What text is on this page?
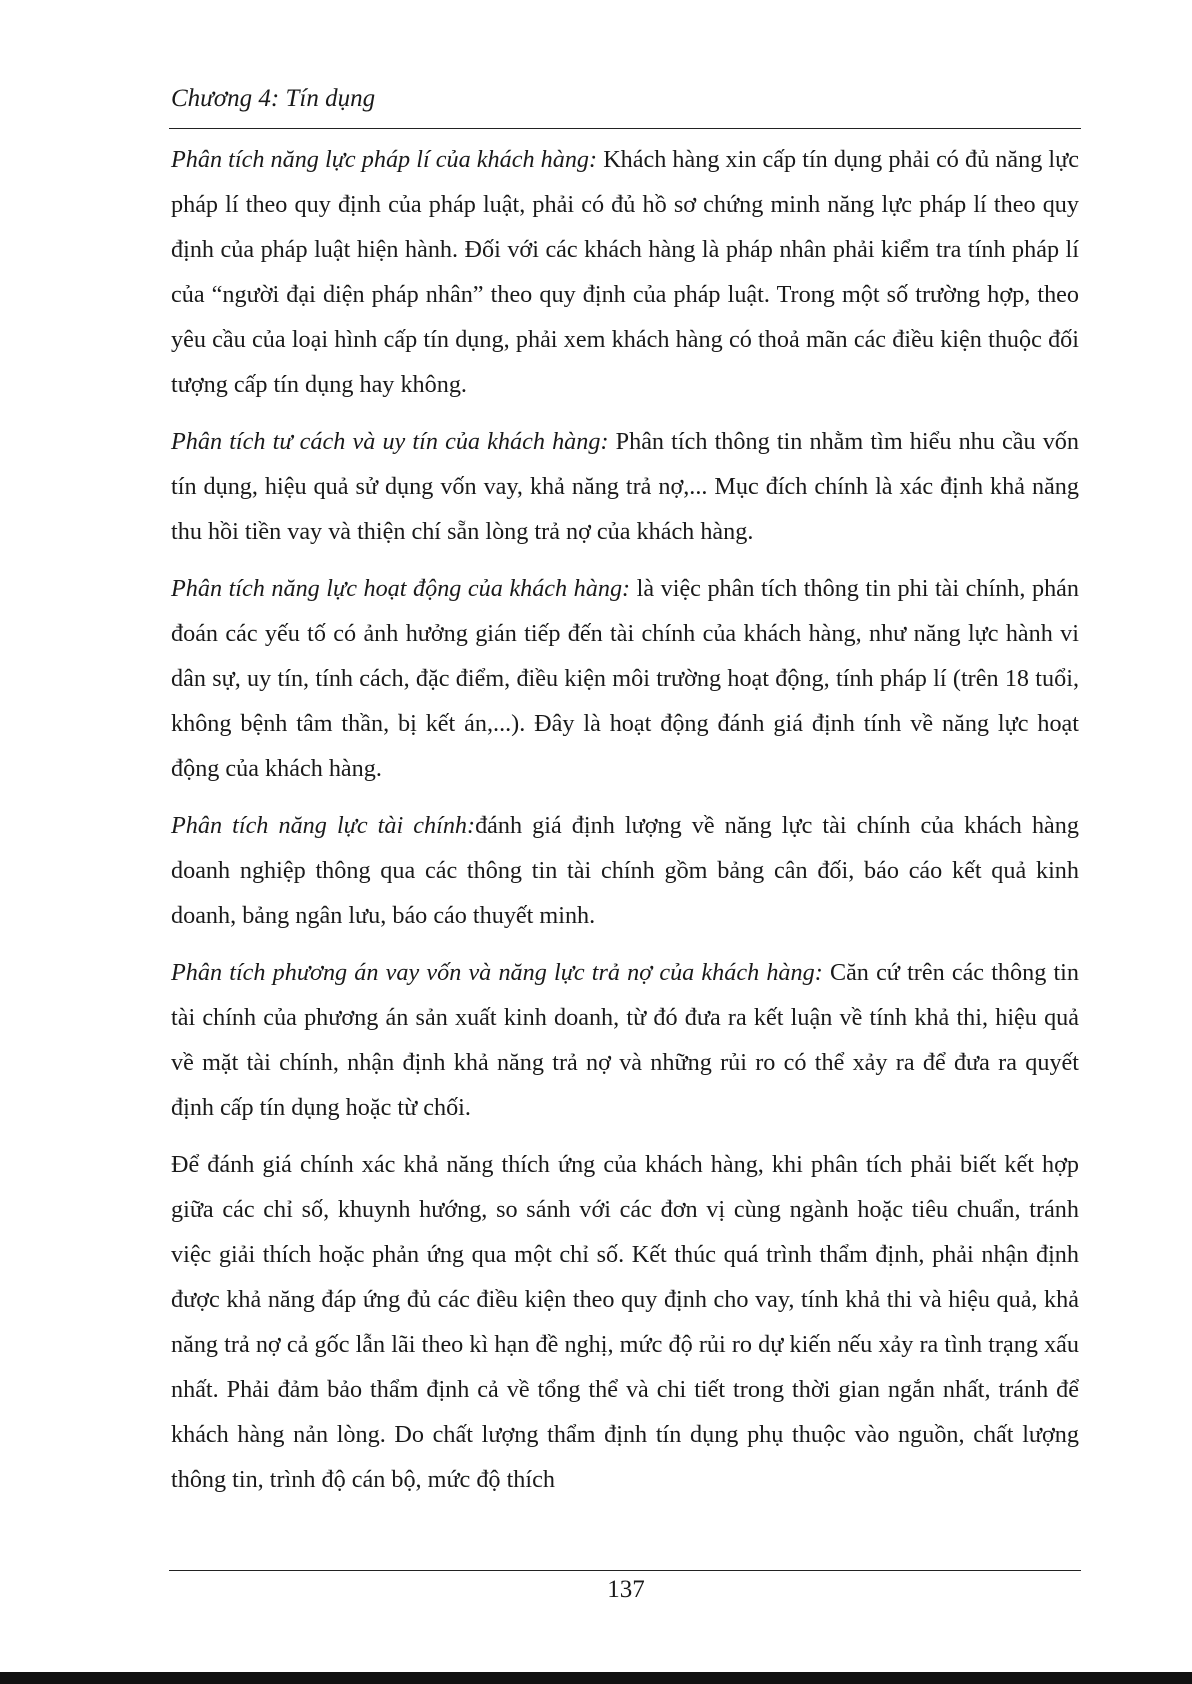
Chương 4: Tín dụng

Phân tích năng lực pháp lí của khách hàng: Khách hàng xin cấp tín dụng phải có đủ năng lực pháp lí theo quy định của pháp luật, phải có đủ hồ sơ chứng minh năng lực pháp lí theo quy định của pháp luật hiện hành. Đối với các khách hàng là pháp nhân phải kiểm tra tính pháp lí của “người đại diện pháp nhân” theo quy định của pháp luật. Trong một số trường hợp, theo yêu cầu của loại hình cấp tín dụng, phải xem khách hàng có thoả mãn các điều kiện thuộc đối tượng cấp tín dụng hay không.

Phân tích tư cách và uy tín của khách hàng: Phân tích thông tin nhằm tìm hiểu nhu cầu vốn tín dụng, hiệu quả sử dụng vốn vay, khả năng trả nợ,... Mục đích chính là xác định khả năng thu hồi tiền vay và thiện chí sẵn lòng trả nợ của khách hàng.

Phân tích năng lực hoạt động của khách hàng: là việc phân tích thông tin phi tài chính, phán đoán các yếu tố có ảnh hưởng gián tiếp đến tài chính của khách hàng, như năng lực hành vi dân sự, uy tín, tính cách, đặc điểm, điều kiện môi trường hoạt động, tính pháp lí (trên 18 tuổi, không bệnh tâm thần, bị kết án,...). Đây là hoạt động đánh giá định tính về năng lực hoạt động của khách hàng.

Phân tích năng lực tài chính:đánh giá định lượng về năng lực tài chính của khách hàng doanh nghiệp thông qua các thông tin tài chính gồm bảng cân đối, báo cáo kết quả kinh doanh, bảng ngân lưu, báo cáo thuyết minh.

Phân tích phương án vay vốn và năng lực trả nợ của khách hàng: Căn cứ trên các thông tin tài chính của phương án sản xuất kinh doanh, từ đó đưa ra kết luận về tính khả thi, hiệu quả về mặt tài chính, nhận định khả năng trả nợ và những rủi ro có thể xảy ra để đưa ra quyết định cấp tín dụng hoặc từ chối.

Để đánh giá chính xác khả năng thích ứng của khách hàng, khi phân tích phải biết kết hợp giữa các chỉ số, khuynh hướng, so sánh với các đơn vị cùng ngành hoặc tiêu chuẩn, tránh việc giải thích hoặc phản ứng qua một chỉ số. Kết thúc quá trình thẩm định, phải nhận định được khả năng đáp ứng đủ các điều kiện theo quy định cho vay, tính khả thi và hiệu quả, khả năng trả nợ cả gốc lẫn lãi theo kì hạn đề nghị, mức độ rủi ro dự kiến nếu xảy ra tình trạng xấu nhất. Phải đảm bảo thẩm định cả về tổng thể và chi tiết trong thời gian ngắn nhất, tránh để khách hàng nản lòng. Do chất lượng thẩm định tín dụng phụ thuộc vào nguồn, chất lượng thông tin, trình độ cán bộ, mức độ thích

137
